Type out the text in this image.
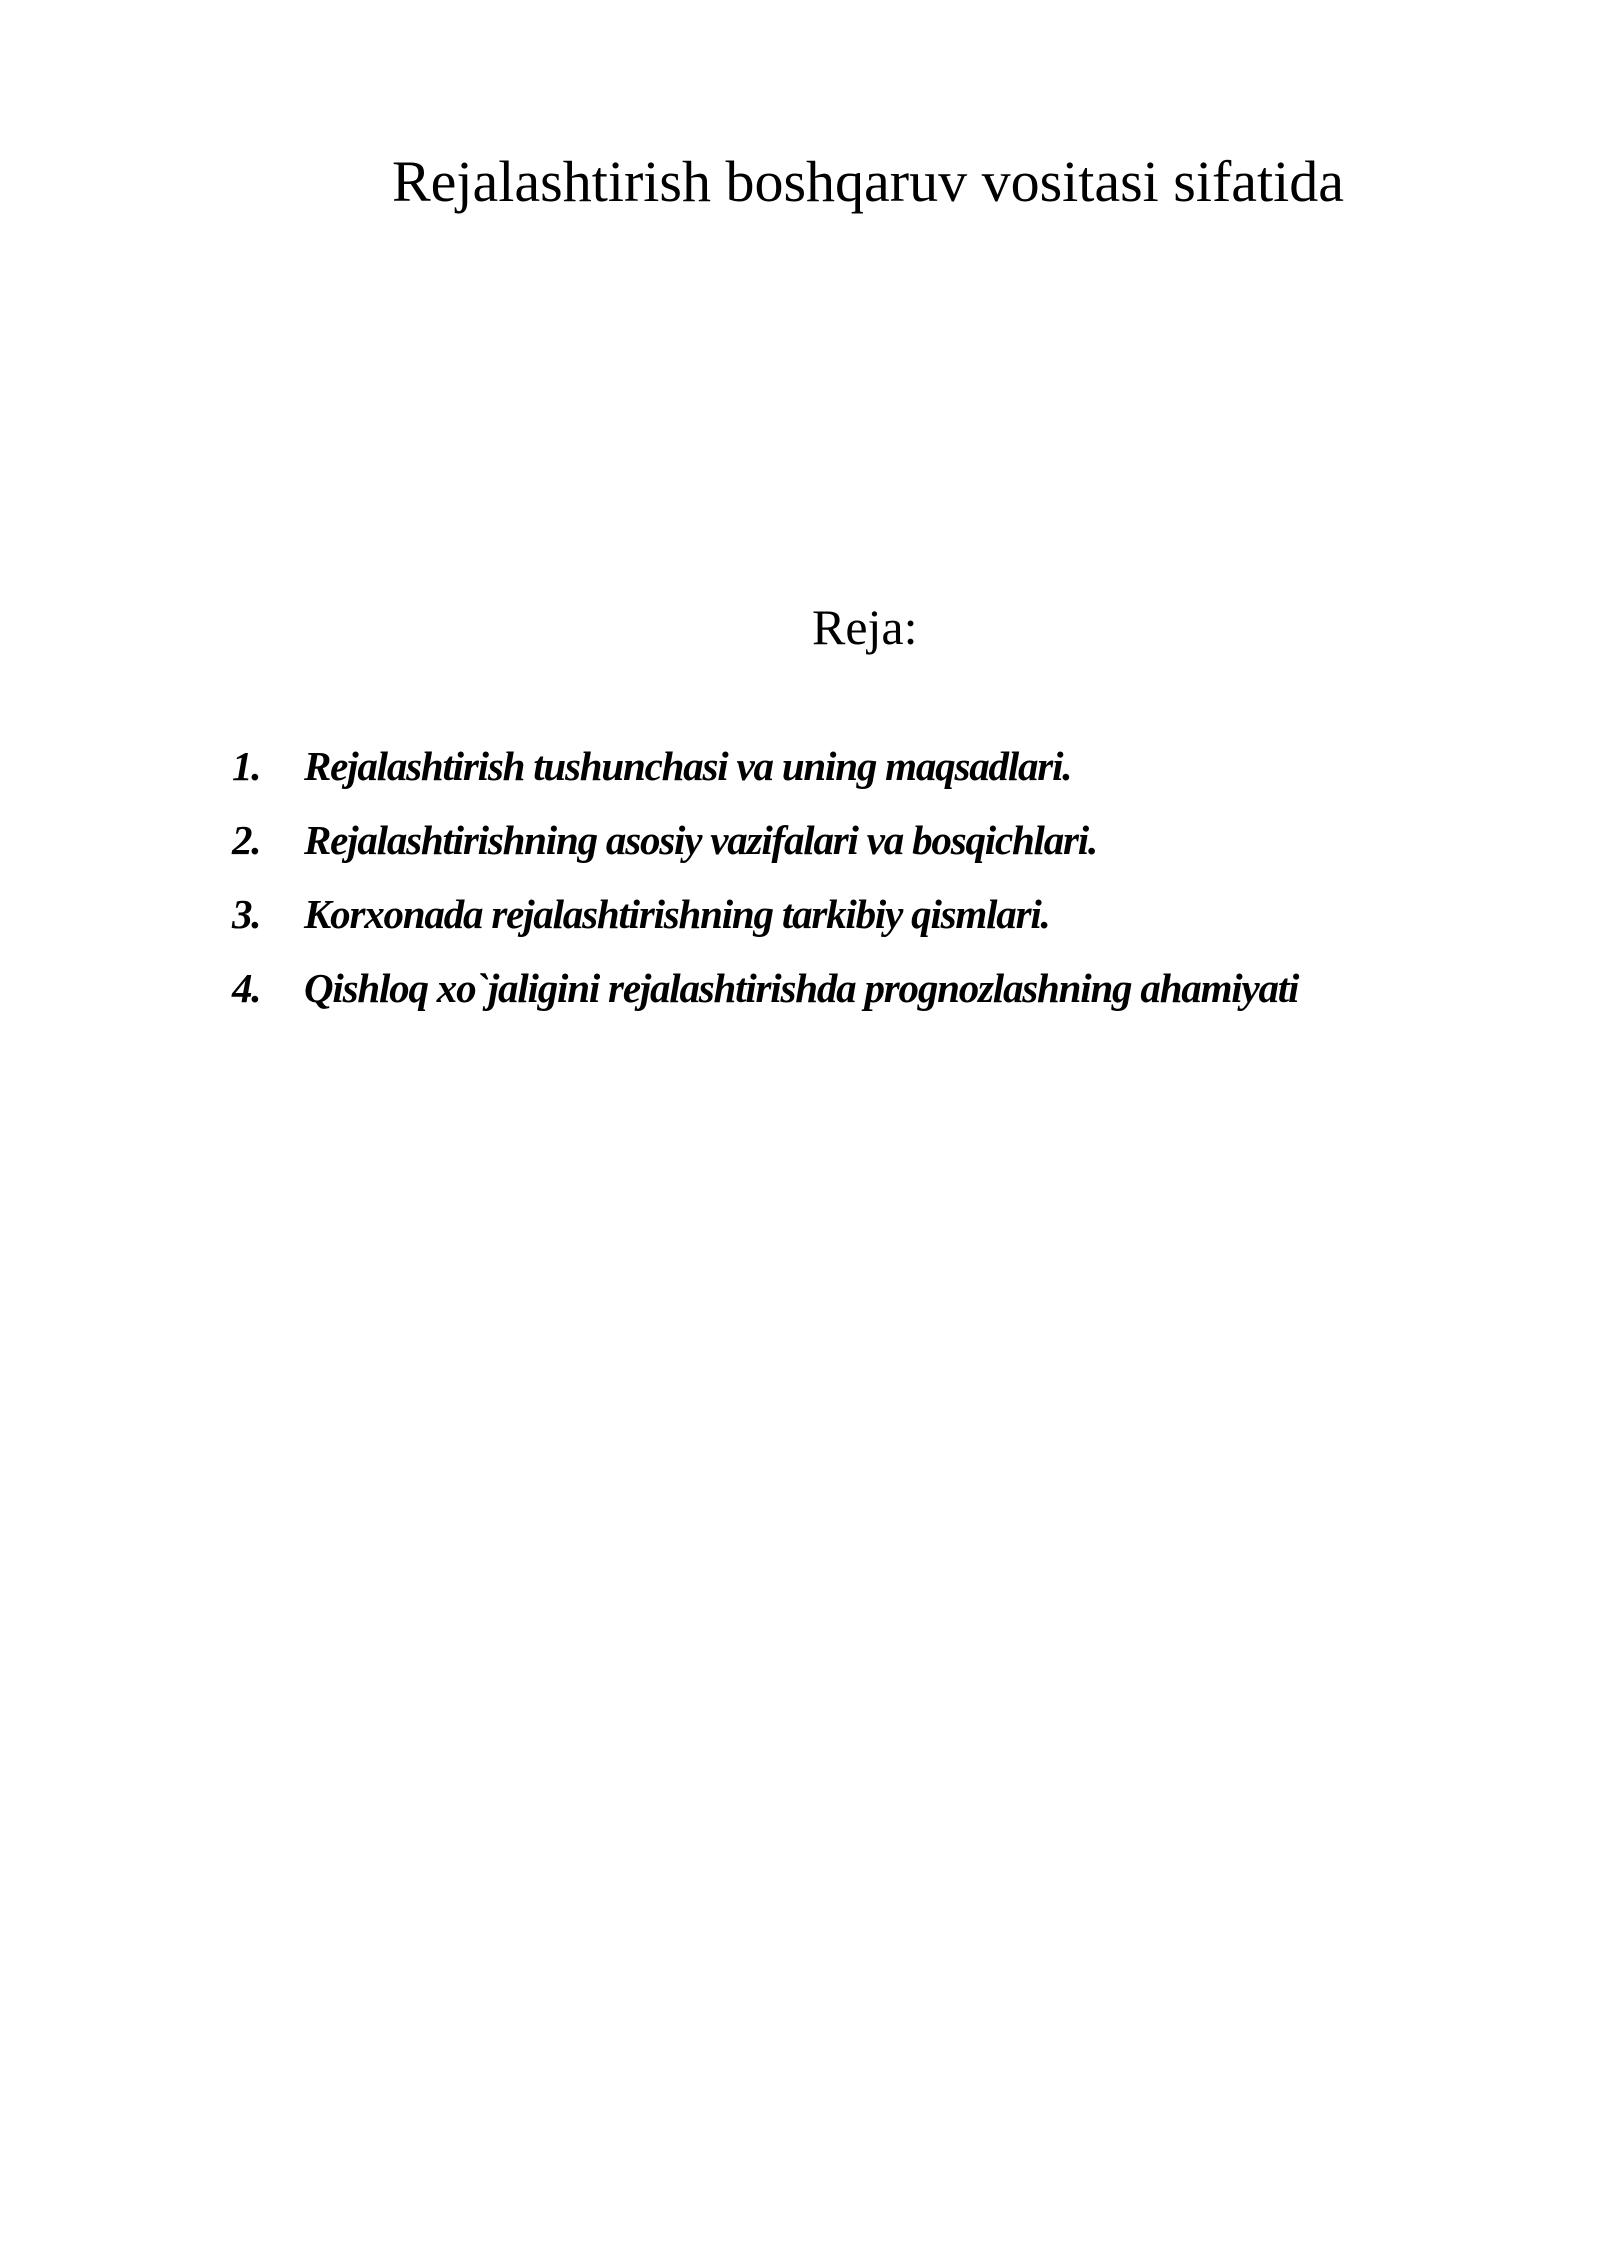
Rejalashtirish boshqaruv vositasi sifatida
Reja:
1.	Rejalashtirish tushunchasi va uning maqsadlari.
2.	Rejalashtirishning asosiy vazifalari va bosqichlari.
3.	Korxonada rejalashtirishning tarkibiy qismlari.
4.	Qishloq xo`jaligini rejalashtirishda prognozlashning ahamiyati
